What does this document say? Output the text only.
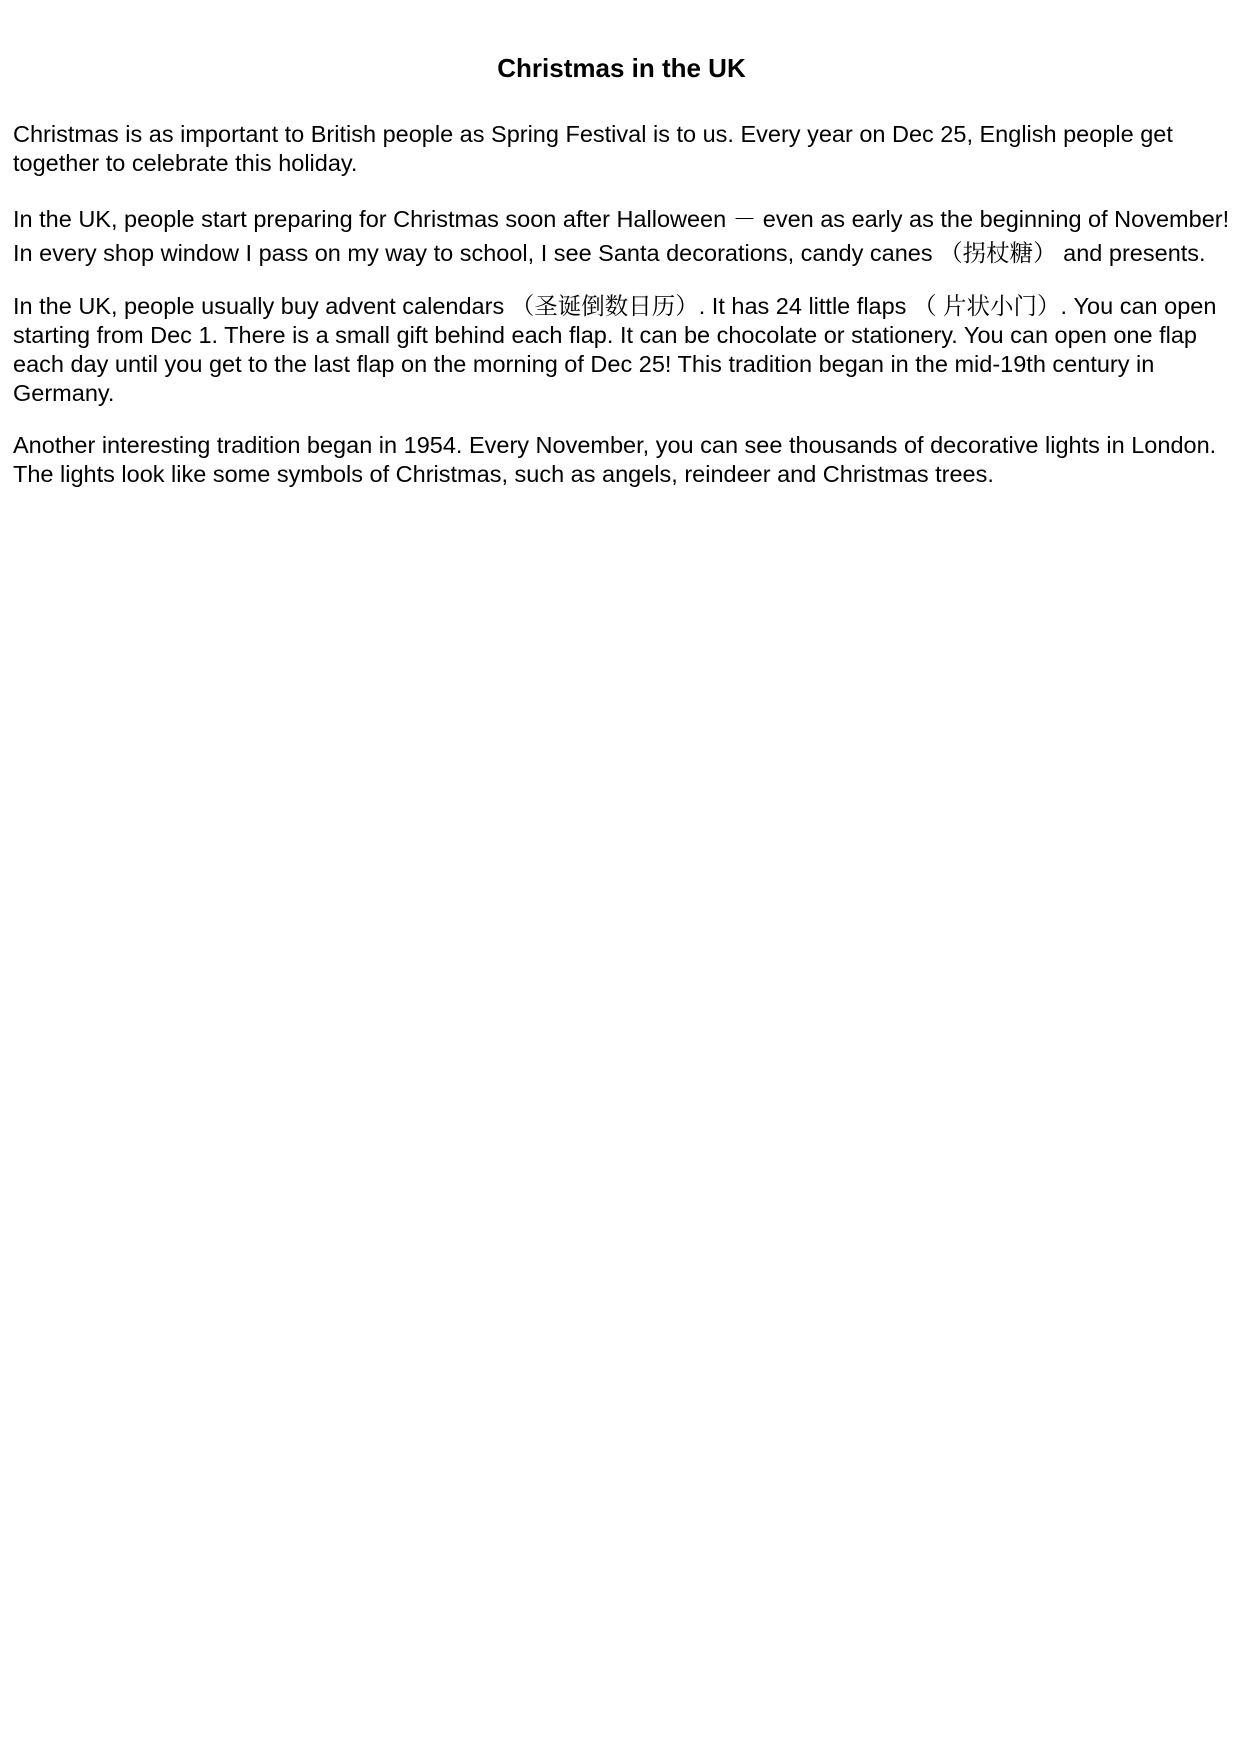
Christmas in the UK

Christmas is as important to British people as Spring Festival is to us. Every year on Dec 25, English people get together to celebrate this holiday.

In the UK, people start preparing for Christmas soon after Halloween － even as early as the beginning of November! In every shop window I pass on my way to school, I see Santa decorations, candy canes （拐杖糖） and presents.

In the UK, people usually buy advent calendars （圣诞倒数日历）. It has 24 little flaps （ 片状小门）. You can open starting from Dec 1. There is a small gift behind each flap. It can be chocolate or stationery. You can open one flap each day until you get to the last flap on the morning of Dec 25! This tradition began in the mid-19th century in Germany.

Another interesting tradition began in 1954. Every November, you can see thousands of decorative lights in London. The lights look like some symbols of Christmas, such as angels, reindeer and Christmas trees.
